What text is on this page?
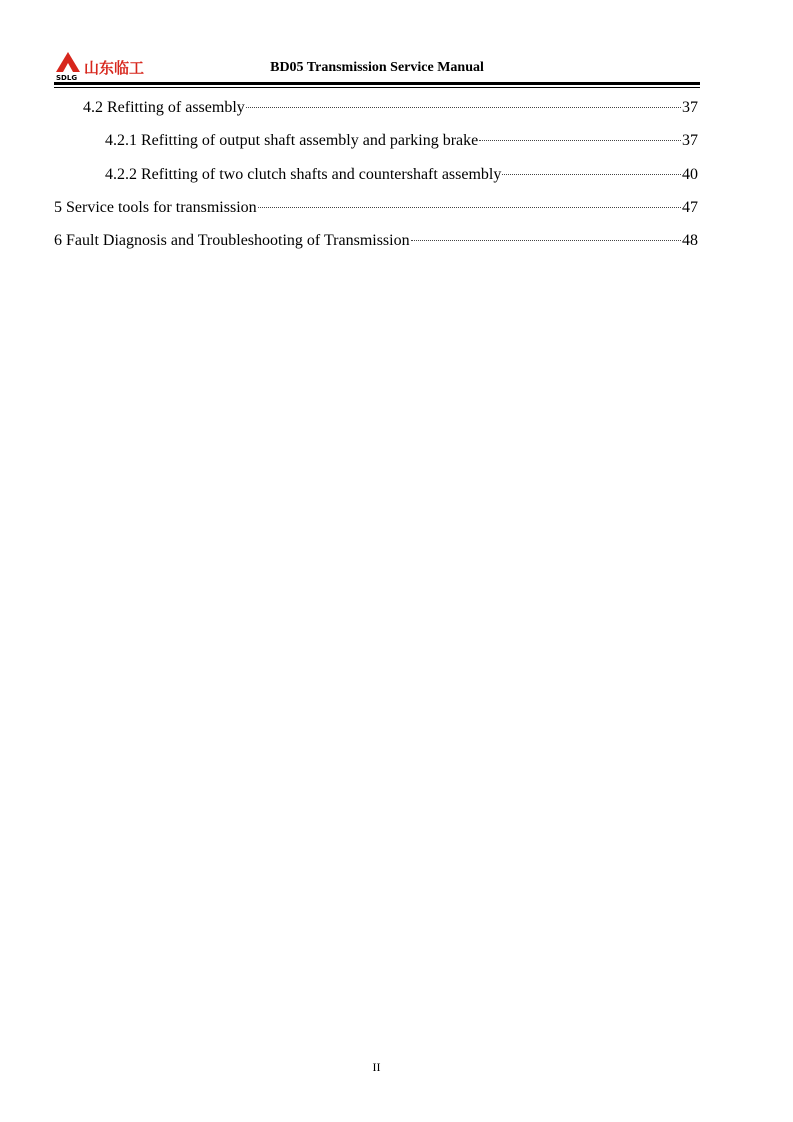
山东临工
SDLG
BD05 Transmission Service Manual
4.2 Refitting of assembly	37
4.2.1 Refitting of output shaft assembly and parking brake	37
4.2.2 Refitting of two clutch shafts and countershaft assembly	40
5 Service tools for transmission	47
6 Fault Diagnosis and Troubleshooting of Transmission	48
II
